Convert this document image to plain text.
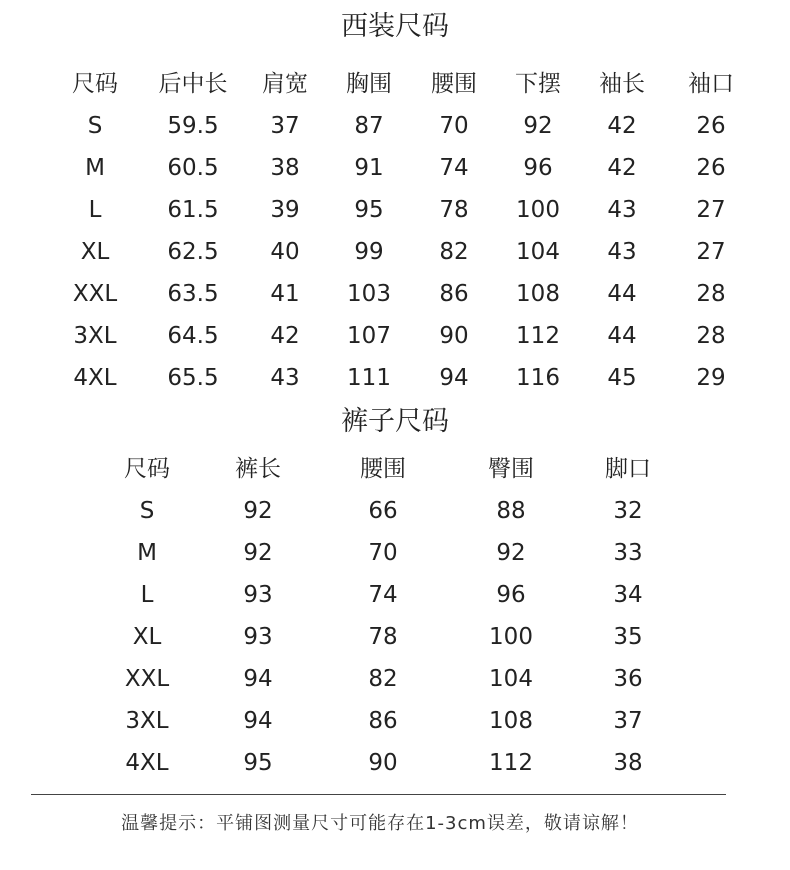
西装尺码
尺码	后中长	肩宽	胸围	腰围	下摆	袖长	袖口
S	59.5	37	87	70	92	42	26
M	60.5	38	91	74	96	42	26
L	61.5	39	95	78	100	43	27
XL	62.5	40	99	82	104	43	27
XXL	63.5	41	103	86	108	44	28
3XL	64.5	42	107	90	112	44	28
4XL	65.5	43	111	94	116	45	29
裤子尺码
尺码	裤长	腰围	臀围	脚口
S	92	66	88	32
M	92	70	92	33
L	93	74	96	34
XL	93	78	100	35
XXL	94	82	104	36
3XL	94	86	108	37
4XL	95	90	112	38
温馨提示：平铺图测量尺寸可能存在1-3cm误差，敬请谅解！
